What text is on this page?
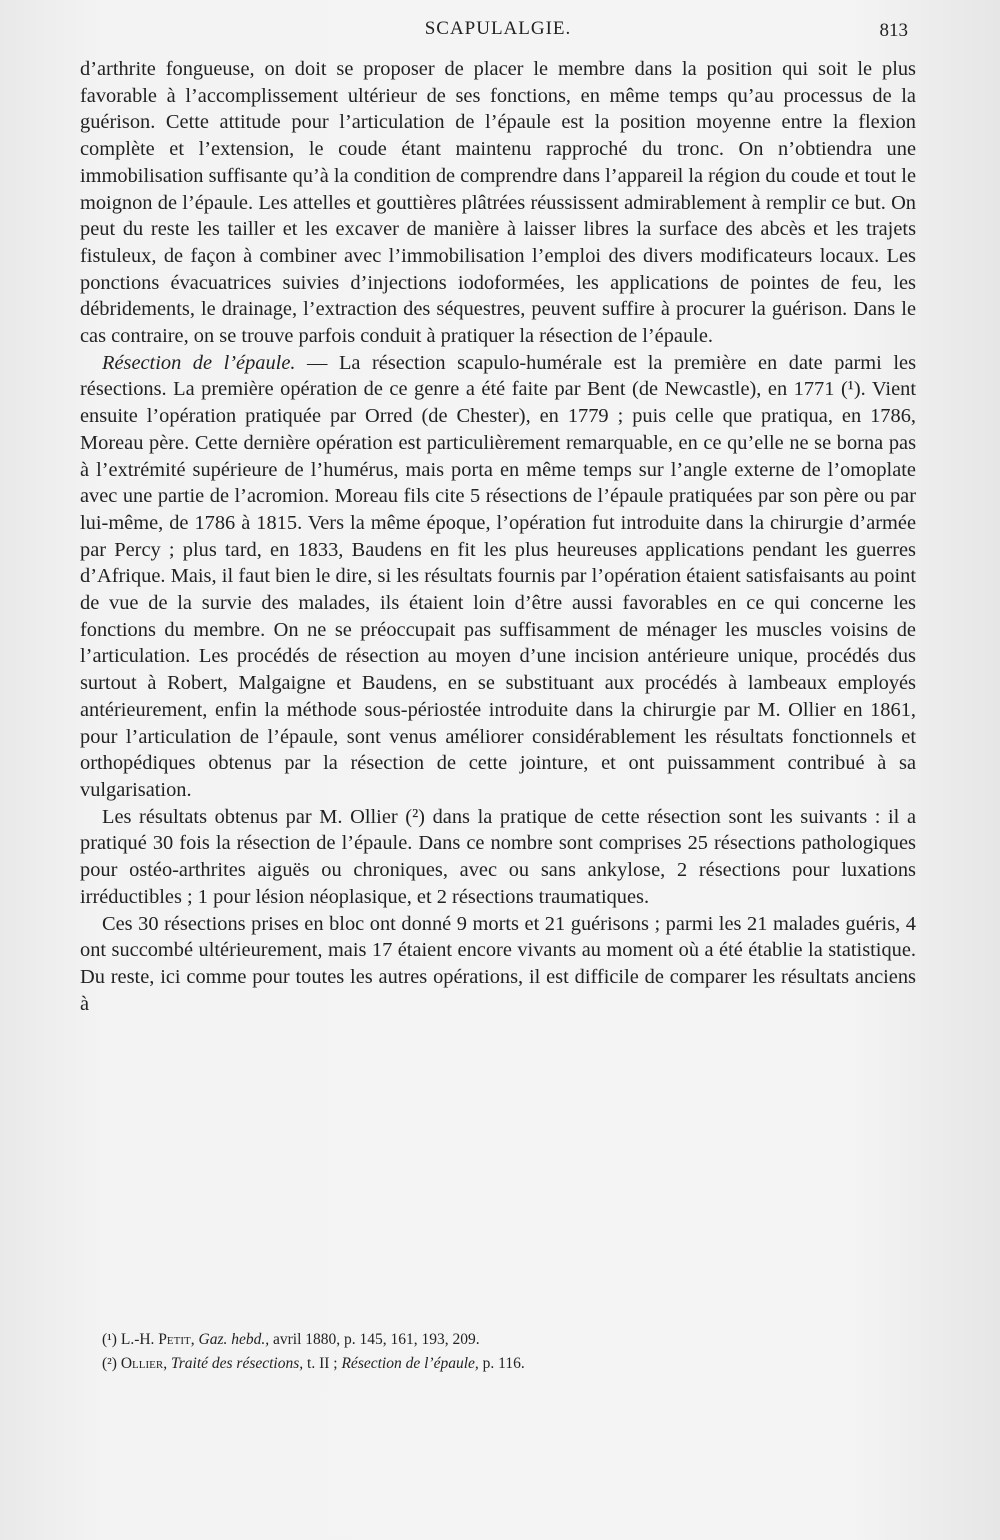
SCAPULALGIE.	813

d’arthrite fongueuse, on doit se proposer de placer le membre dans la position qui soit le plus favorable à l’accomplissement ultérieur de ses fonctions, en même temps qu’au processus de la guérison. Cette attitude pour l’articulation de l’épaule est la position moyenne entre la flexion complète et l’extension, le coude étant maintenu rapproché du tronc. On n’obtiendra une immobilisation suffisante qu’à la condition de comprendre dans l’appareil la région du coude et tout le moignon de l’épaule. Les attelles et gouttières plâtrées réussissent admirablement à remplir ce but. On peut du reste les tailler et les excaver de manière à laisser libres la surface des abcès et les trajets fistuleux, de façon à combiner avec l’immobilisation l’emploi des divers modificateurs locaux. Les ponctions évacuatrices suivies d’injections iodoformées, les applications de pointes de feu, les débridements, le drainage, l’extraction des séquestres, peuvent suffire à procurer la guérison. Dans le cas contraire, on se trouve parfois conduit à pratiquer la résection de l’épaule.

Résection de l’épaule. — La résection scapulo-humérale est la première en date parmi les résections. La première opération de ce genre a été faite par Bent (de Newcastle), en 1771 (¹). Vient ensuite l’opération pratiquée par Orred (de Chester), en 1779 ; puis celle que pratiqua, en 1786, Moreau père. Cette dernière opération est particulièrement remarquable, en ce qu’elle ne se borna pas à l’extrémité supérieure de l’humérus, mais porta en même temps sur l’angle externe de l’omoplate avec une partie de l’acromion. Moreau fils cite 5 résections de l’épaule pratiquées par son père ou par lui-même, de 1786 à 1815. Vers la même époque, l’opération fut introduite dans la chirurgie d’armée par Percy ; plus tard, en 1833, Baudens en fit les plus heureuses applications pendant les guerres d’Afrique. Mais, il faut bien le dire, si les résultats fournis par l’opération étaient satisfaisants au point de vue de la survie des malades, ils étaient loin d’être aussi favorables en ce qui concerne les fonctions du membre. On ne se préoccupait pas suffisamment de ménager les muscles voisins de l’articulation. Les procédés de résection au moyen d’une incision antérieure unique, procédés dus surtout à Robert, Malgaigne et Baudens, en se substituant aux procédés à lambeaux employés antérieurement, enfin la méthode sous-périostée introduite dans la chirurgie par M. Ollier en 1861, pour l’articulation de l’épaule, sont venus améliorer considérablement les résultats fonctionnels et orthopédiques obtenus par la résection de cette jointure, et ont puissamment contribué à sa vulgarisation.

Les résultats obtenus par M. Ollier (²) dans la pratique de cette résection sont les suivants : il a pratiqué 30 fois la résection de l’épaule. Dans ce nombre sont comprises 25 résections pathologiques pour ostéo-arthrites aiguës ou chroniques, avec ou sans ankylose, 2 résections pour luxations irréductibles ; 1 pour lésion néoplasique, et 2 résections traumatiques.

Ces 30 résections prises en bloc ont donné 9 morts et 21 guérisons ; parmi les 21 malades guéris, 4 ont succombé ultérieurement, mais 17 étaient encore vivants au moment où a été établie la statistique. Du reste, ici comme pour toutes les autres opérations, il est difficile de comparer les résultats anciens à

(¹) L.-H. Petit, Gaz. hebd., avril 1880, p. 145, 161, 193, 209.

(²) Ollier, Traité des résections, t. II ; Résection de l’épaule, p. 116.
